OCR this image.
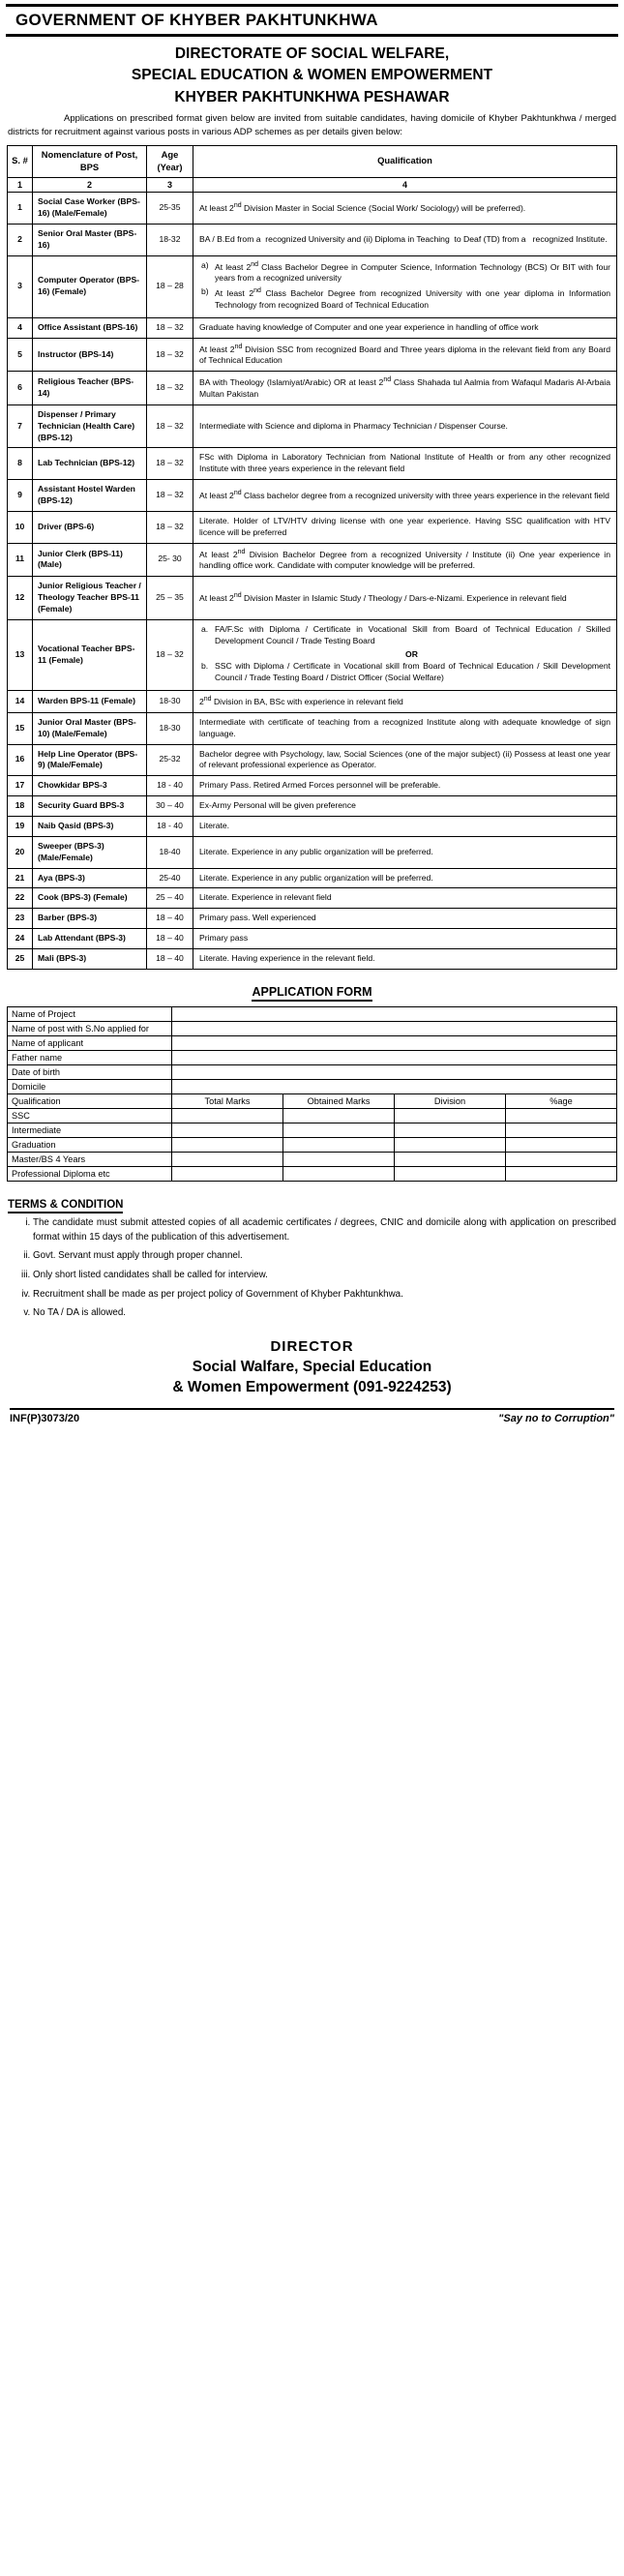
GOVERNMENT OF KHYBER PAKHTUNKHWA
DIRECTORATE OF SOCIAL WELFARE,
SPECIAL EDUCATION & WOMEN EMPOWERMENT
KHYBER PAKHTUNKHWA PESHAWAR
Applications on prescribed format given below are invited from suitable candidates, having domicile of Khyber Pakhtunkhwa / merged districts for recruitment against various posts in various ADP schemes as per details given below:
S. #	Nomenclature of Post, BPS	Age (Year)	Qualification
1	2	3	4
1	Social Case Worker (BPS-16) (Male/Female)	25-35	At least 2nd Division Master in Social Science (Social Work/ Sociology) will be preferred).
2	Senior Oral Master (BPS-16)	18-32	BA / B.Ed from a  recognized University and (ii) Diploma in Teaching  to Deaf (TD) from a   recognized Institute.
3	Computer Operator (BPS-16) (Female)	18 – 28	
a) At least 2nd Class Bachelor Degree in Computer Science, Information Technology (BCS) Or BIT with four years from a recognized university
b) At least 2nd Class Bachelor Degree from recognized University with one year diploma in Information Technology from recognized Board of Technical Education

4	Office Assistant (BPS-16)	18 – 32	Graduate having knowledge of Computer and one year experience in handling of office work
5	Instructor (BPS-14)	18 – 32	At least 2nd Division SSC from recognized Board and Three years diploma in the relevant field from any Board of Technical Education
6	Religious Teacher (BPS-14)	18 – 32	BA with Theology (Islamiyat/Arabic) OR at least 2nd Class Shahada tul Aalmia from Wafaqul Madaris Al-Arbaia Multan Pakistan
7	Dispenser / Primary Technician (Health Care) (BPS-12)	18 – 32	Intermediate with Science and diploma in Pharmacy Technician / Dispenser Course.
8	Lab Technician (BPS-12)	18 – 32	FSc with Diploma in Laboratory Technician from National Institute of Health or from any other recognized Institute with three years experience in the relevant field
9	Assistant Hostel Warden (BPS-12)	18 – 32	At least 2nd Class bachelor degree from a recognized university with three years experience in the relevant field
10	Driver (BPS-6)	18 – 32	Literate. Holder of LTV/HTV driving license with one year experience. Having SSC qualification with HTV licence will be preferred
11	Junior Clerk (BPS-11) (Male)	25- 30	At least 2nd Division Bachelor Degree from a recognized University / Institute (ii) One year experience in handling office work. Candidate with computer knowledge will be preferred.
12	Junior Religious Teacher / Theology Teacher BPS-11 (Female)	25 – 35	At least 2nd Division Master in Islamic Study / Theology / Dars-e-Nizami. Experience in relevant field
13	Vocational Teacher BPS-11 (Female)	18 – 32	
a. FA/F.Sc with Diploma / Certificate in Vocational Skill from Board of Technical Education / Skilled Development Council / Trade Testing Board
OR
b. SSC with Diploma / Certificate in Vocational skill from Board of Technical Education / Skill Development Council / Trade Testing Board / District Officer (Social Welfare)

14	Warden BPS-11 (Female)	18-30	2nd Division in BA, BSc with experience in relevant field
15	Junior Oral Master (BPS-10) (Male/Female)	18-30	Intermediate with certificate of teaching from a recognized Institute along with adequate knowledge of sign language.
16	Help Line Operator (BPS-9) (Male/Female)	25-32	Bachelor degree with Psychology, law, Social Sciences (one of the major subject) (ii) Possess at least one year of relevant professional experience as Operator.
17	Chowkidar BPS-3	18 - 40	Primary Pass. Retired Armed Forces personnel will be preferable.
18	Security Guard BPS-3	30 – 40	Ex-Army Personal will be given preference
19	Naib Qasid (BPS-3)	18 - 40	Literate.
20	Sweeper (BPS-3) (Male/Female)	18-40	Literate. Experience in any public organization will be preferred.
21	Aya (BPS-3)	25-40	Literate. Experience in any public organization will be preferred.
22	Cook (BPS-3) (Female)	25 – 40	Literate. Experience in relevant field
23	Barber (BPS-3)	18 – 40	Primary pass. Well experienced
24	Lab Attendant (BPS-3)	18 – 40	Primary pass
25	Mali (BPS-3)	18 – 40	Literate. Having experience in the relevant field.
APPLICATION FORM
Name of Project				
Name of post with S.No applied for				
Name of applicant				
Father name				
Date of birth				
Domicile				
Qualification	Total Marks	Obtained Marks	Division	%age
SSC				
Intermediate				
Graduation				
Master/BS 4 Years				
Professional Diploma etc				
TERMS & CONDITION
i. The candidate must submit attested copies of all academic certificates / degrees, CNIC and domicile along with application on prescribed format within 15 days of the publication of this advertisement.
ii. Govt. Servant must apply through proper channel.
iii. Only short listed candidates shall be called for interview.
iv. Recruitment shall be made as per project policy of Government of Khyber Pakhtunkhwa.
v. No TA / DA is allowed.
DIRECTOR
Social Walfare, Special Education
& Women Empowerment (091-9224253)
INF(P)3073/20	"Say no to Corruption"
